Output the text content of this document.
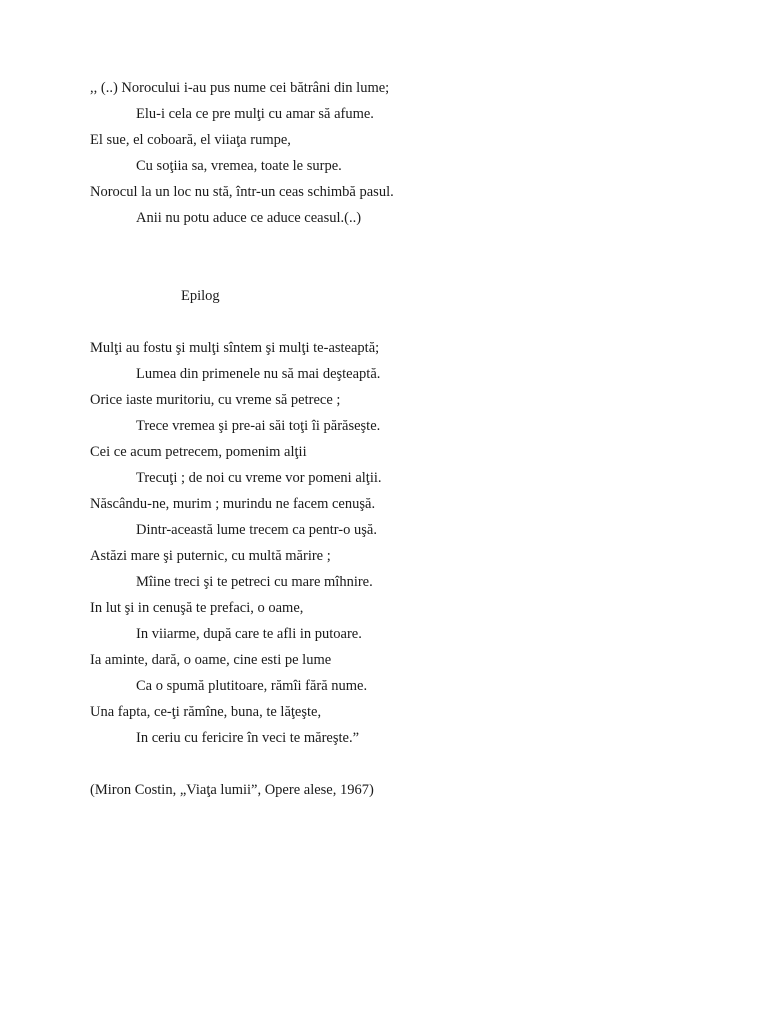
,, (..) Norocului i-au pus nume cei bătrâni din lume;
Elu-i cela ce pre mulţi cu amar să afume.
El sue, el coboară, el viiaţa rumpe,
Cu soţiia sa, vremea, toate le surpe.
Norocul la un loc nu stă, într-un ceas schimbă pasul.
Anii nu potu aduce ce aduce ceasul.(..)
Epilog
Mulţi au fostu şi mulţi sîntem şi mulţi te-asteaptă;
Lumea din primenele nu să mai deşteaptă.
Orice iaste muritoriu, cu vreme să petrece ;
Trece vremea şi pre-ai săi toţi îi părăseşte.
Cei ce acum petrecem, pomenim alţii
Trecuţi ; de noi cu vreme vor pomeni alţii.
Născându-ne, murim ; murindu ne facem cenuşă.
Dintr-această lume trecem ca pentr-o uşă.
Astăzi mare şi puternic, cu multă mărire ;
Mîine treci şi te petreci cu mare mîhnire.
In lut şi in cenuşă te prefaci, o oame,
In viiarme, după care te afli in putoare.
Ia aminte, dară, o oame, cine esti pe lume
Ca o spumă plutitoare, rămîi fără nume.
Una fapta, ce-ţi rămîne, buna, te lăţeşte,
In ceriu cu fericire în veci te măreşte.”
(Miron Costin, „Viaţa lumii”, Opere alese, 1967)
